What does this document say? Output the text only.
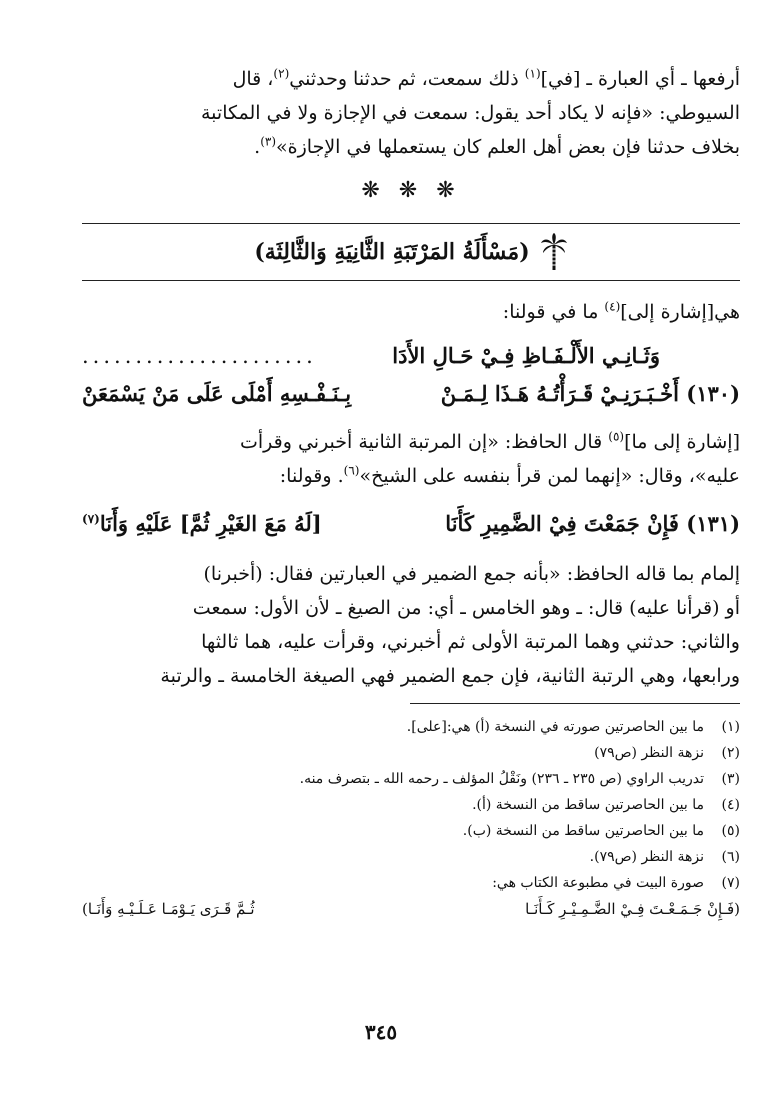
أرفعها ـ أي العبارة ـ [في]$^{(١)}$ ذلك سمعت، ثم حدثنا وحدثني$^{(٢)}$، قال
السيوطي: «فإنه لا يكاد أحد يقول: سمعت في الإجازة ولا في المكاتبة
بخلاف حدثنا فإن بعض أهل العلم كان يستعملها في الإجازة»$^{(٣)}$.
❋ ❋ ❋
(مَسْأَلَةُ المَرْتَبَةِ الثَّانِيَةِ وَالثَّالِثَة)
هي[إشارة إلى]$^{(٤)}$ ما في قولنا:
وَثَـانِـي الأَلْـفَـاظِ فِـيْ حَـالِ الأَدَا
......................
(١٣٠) أَخْـبَـرَنِـيْ قَـرَأْتُـهُ هَـذَا لِـمَـنْ
بِـنَـفْـسِهِ أَمْلَى عَلَى مَنْ يَسْمَعَنْ
[إشارة إلى ما]$^{(٥)}$ قال الحافظ: «إن المرتبة الثانية أخبرني وقرأت
عليه»، وقال: «إنهما لمن قرأ بنفسه على الشيخ»$^{(٦)}$. وقولنا:
(١٣١) فَإِنْ جَمَعْتَ فِيْ الضَّمِيرِ كَأَنَا
[لَهُ مَعَ الغَيْرِ ثُمَّ] عَلَيْهِ وَأَنَا$^{(٧)}$
إلمام بما قاله الحافظ: «بأنه جمع الضمير في العبارتين فقال: (أخبرنا)
أو (قرأنا عليه) قال: ـ وهو الخامس ـ أي: من الصيغ ـ لأن الأول: سمعت
والثاني: حدثني وهما المرتبة الأولى ثم أخبرني، وقرأت عليه، هما ثالثها
ورابعها، وهي الرتبة الثانية، فإن جمع الضمير فهي الصيغة الخامسة ـ والرتبة
(١)
ما بين الحاصرتين صورته في النسخة (أ) هي:[على].
(٢)
نزهة النظر (ص٧٩)
(٣)
تدريب الراوي (ص ٢٣٥ ـ ٢٣٦) ونَقْلُ المؤلف ـ رحمه الله ـ بتصرف منه.
(٤)
ما بين الحاصرتين ساقط من النسخة (أ).
(٥)
ما بين الحاصرتين ساقط من النسخة (ب).
(٦)
نزهة النظر (ص٧٩).
(٧)
صورة البيت في مطبوعة الكتاب هي:
(فَـإِنْ جَـمَـعْـتَ فِـيْ الضَّـمِـيْـرِ كَـأَنَـا
ثُـمَّ قَـرَى يَـوْمَـا عَـلَـيْـهِ وَأَنَـا)
٣٤٥
